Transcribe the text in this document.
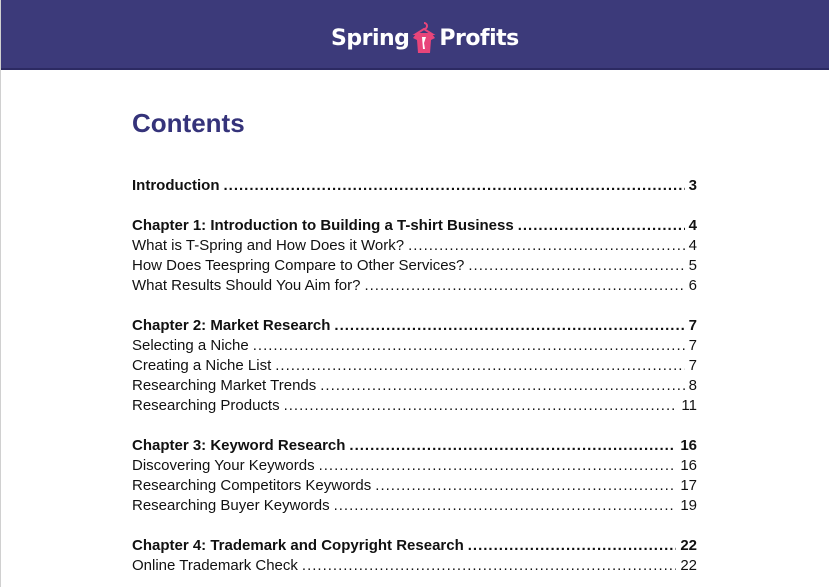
Spring Profits
Contents
Introduction .....	3
Chapter 1: Introduction to Building a T-shirt Business .....	4
What is T-Spring and How Does it Work? .....	4
How Does Teespring Compare to Other Services? .....	5
What Results Should You Aim for? .....	6
Chapter 2: Market Research .....	7
Selecting a Niche .....	7
Creating a Niche List .....	7
Researching Market Trends .....	8
Researching Products .....	11
Chapter 3: Keyword Research .....	16
Discovering Your Keywords .....	16
Researching Competitors Keywords .....	17
Researching Buyer Keywords .....	19
Chapter 4: Trademark and Copyright Research .....	22
Online Trademark Check .....	22
